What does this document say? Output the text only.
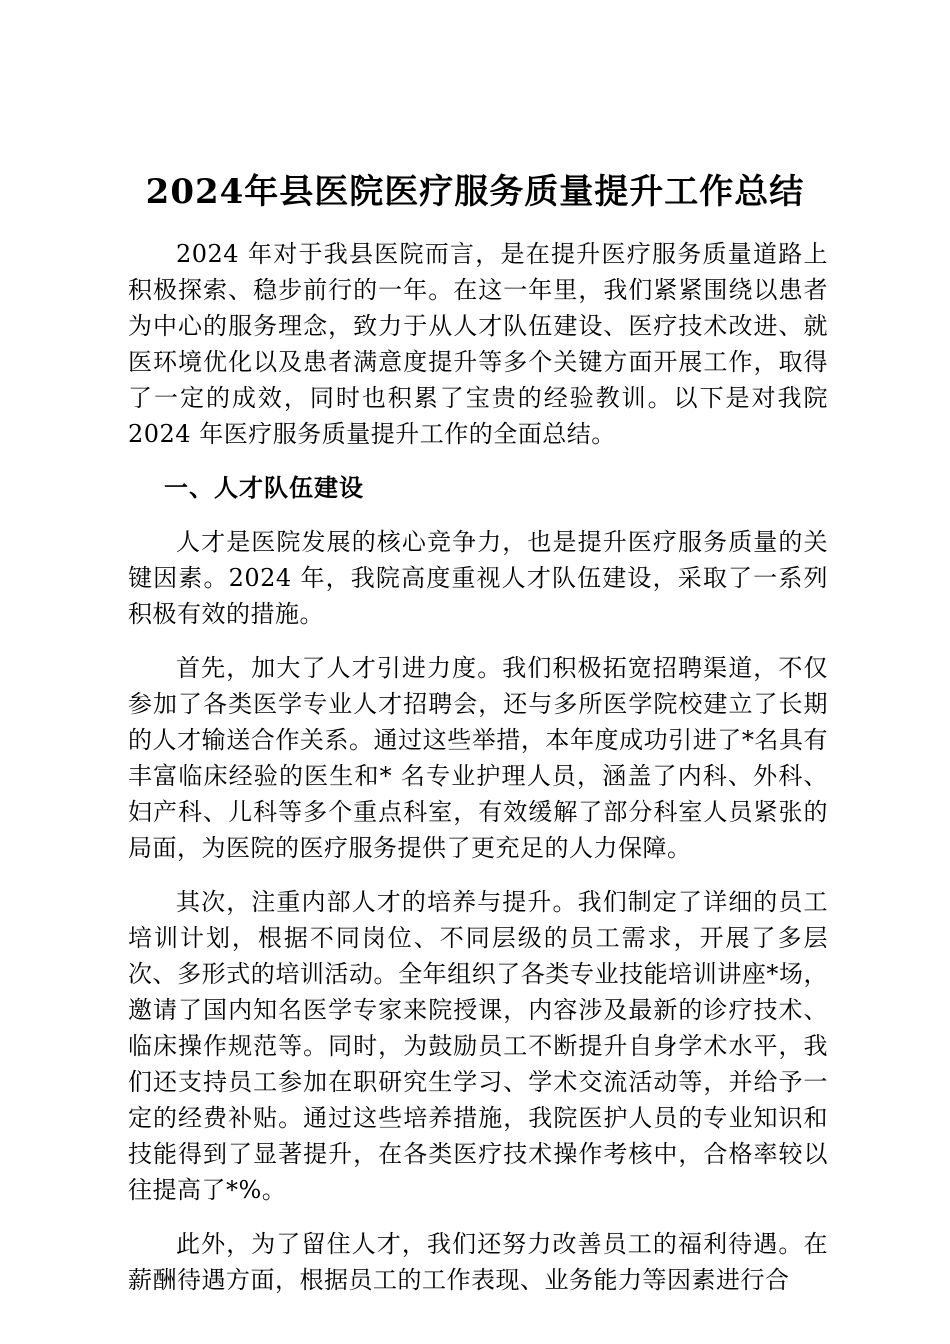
2024年县医院医疗服务质量提升工作总结

2024 年对于我县医院而言，是在提升医疗服务质量道路上积极探索、稳步前行的一年。在这一年里，我们紧紧围绕以患者为中心的服务理念，致力于从人才队伍建设、医疗技术改进、就医环境优化以及患者满意度提升等多个关键方面开展工作，取得了一定的成效，同时也积累了宝贵的经验教训。以下是对我院 2024 年医疗服务质量提升工作的全面总结。

一、人才队伍建设

人才是医院发展的核心竞争力，也是提升医疗服务质量的关键因素。2024 年，我院高度重视人才队伍建设，采取了一系列积极有效的措施。

首先，加大了人才引进力度。我们积极拓宽招聘渠道，不仅参加了各类医学专业人才招聘会，还与多所医学院校建立了长期的人才输送合作关系。通过这些举措，本年度成功引进了*名具有丰富临床经验的医生和* 名专业护理人员，涵盖了内科、外科、妇产科、儿科等多个重点科室，有效缓解了部分科室人员紧张的局面，为医院的医疗服务提供了更充足的人力保障。

其次，注重内部人才的培养与提升。我们制定了详细的员工培训计划，根据不同岗位、不同层级的员工需求，开展了多层次、多形式的培训活动。全年组织了各类专业技能培训讲座*场，邀请了国内知名医学专家来院授课，内容涉及最新的诊疗技术、临床操作规范等。同时，为鼓励员工不断提升自身学术水平，我们还支持员工参加在职研究生学习、学术交流活动等，并给予一定的经费补贴。通过这些培养措施，我院医护人员的专业知识和技能得到了显著提升，在各类医疗技术操作考核中，合格率较以往提高了*%。

此外，为了留住人才，我们还努力改善员工的福利待遇。在薪酬待遇方面，根据员工的工作表现、业务能力等因素进行合
